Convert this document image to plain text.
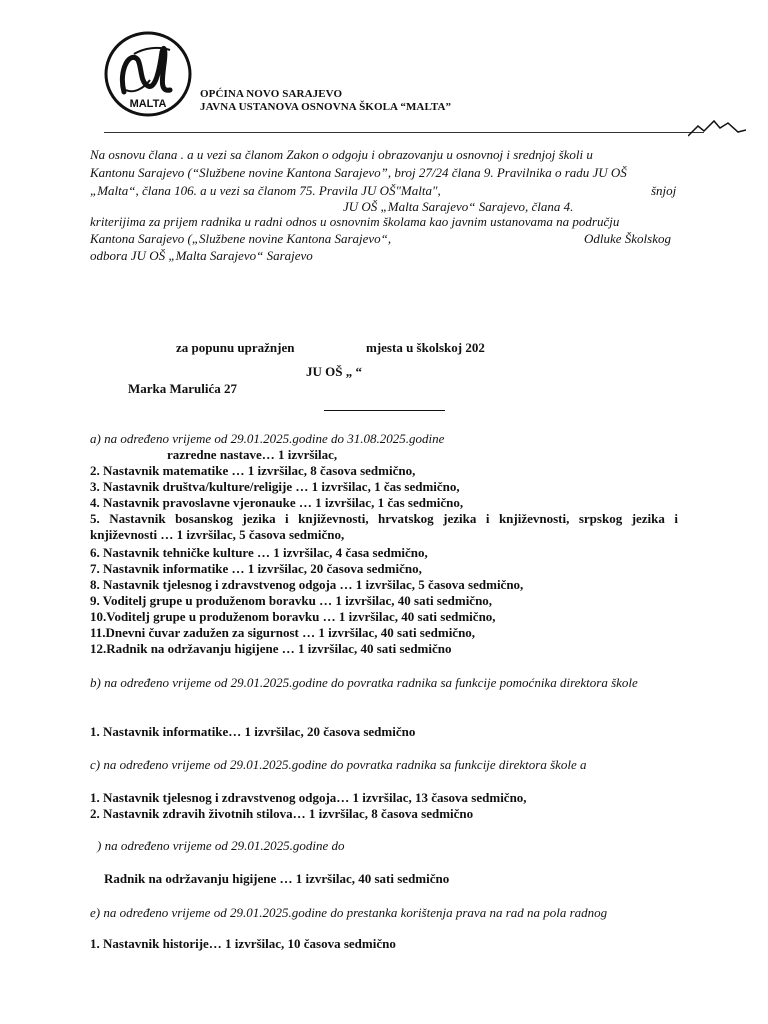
MALTA
OPĆINA NOVO SARAJEVO
JAVNA USTANOVA OSNOVNA ŠKOLA “MALTA”
Na osnovu člana . a u vezi sa članom Zakon o odgoju i obrazovanju u osnovnoj i srednjoj školi u
Kantonu Sarajevo (“Službene novine Kantona Sarajevo”, broj 27/24 člana 9. Pravilnika o radu JU OŠ
„Malta“, člana 106. a u vezi sa članom 75. Pravila JU OŠ"Malta",	šnjoj
JU OŠ „Malta Sarajevo“ Sarajevo, člana 4.
kriterijima za prijem radnika u radni odnos u osnovnim školama kao javnim ustanovama na području
Kantona Sarajevo („Službene novine Kantona Sarajevo“,	Odluke Školskog
odbora JU OŠ „Malta Sarajevo“ Sarajevo
za popunu upražnjen	mjesta u školskoj 202
JU OŠ „ “
Marka Marulića 27
a) na određeno vrijeme od 29.01.2025.godine do 31.08.2025.godine
razredne nastave… 1 izvršilac,
2. Nastavnik matematike … 1 izvršilac, 8 časova sedmično,
3. Nastavnik društva/kulture/religije … 1 izvršilac, 1 čas sedmično,
4. Nastavnik pravoslavne vjeronauke … 1 izvršilac, 1 čas sedmično,
5. Nastavnik bosanskog jezika i književnosti, hrvatskog jezika i književnosti, srpskog jezika i
književnosti … 1 izvršilac, 5 časova sedmično,
6. Nastavnik tehničke kulture … 1 izvršilac, 4 časa sedmično,
7. Nastavnik informatike … 1 izvršilac, 20 časova sedmično,
8. Nastavnik tjelesnog i zdravstvenog odgoja … 1 izvršilac, 5 časova sedmično,
9. Voditelj grupe u produženom boravku … 1 izvršilac, 40 sati sedmično,
10.Voditelj grupe u produženom boravku … 1 izvršilac, 40 sati sedmično,
11.Dnevni čuvar zadužen za sigurnost … 1 izvršilac, 40 sati sedmično,
12.Radnik na održavanju higijene … 1 izvršilac, 40 sati sedmično
b) na određeno vrijeme od 29.01.2025.godine do povratka radnika sa funkcije pomoćnika direktora škole
1. Nastavnik informatike… 1 izvršilac, 20 časova sedmično
c) na određeno vrijeme od 29.01.2025.godine do povratka radnika sa funkcije direktora škole a
1. Nastavnik tjelesnog i zdravstvenog odgoja… 1 izvršilac, 13 časova sedmično,
2. Nastavnik zdravih životnih stilova… 1 izvršilac, 8 časova sedmično
) na određeno vrijeme od 29.01.2025.godine do
Radnik na održavanju higijene … 1 izvršilac, 40 sati sedmično
e) na određeno vrijeme od 29.01.2025.godine do prestanka korištenja prava na rad na pola radnog
1. Nastavnik historije… 1 izvršilac, 10 časova sedmično
